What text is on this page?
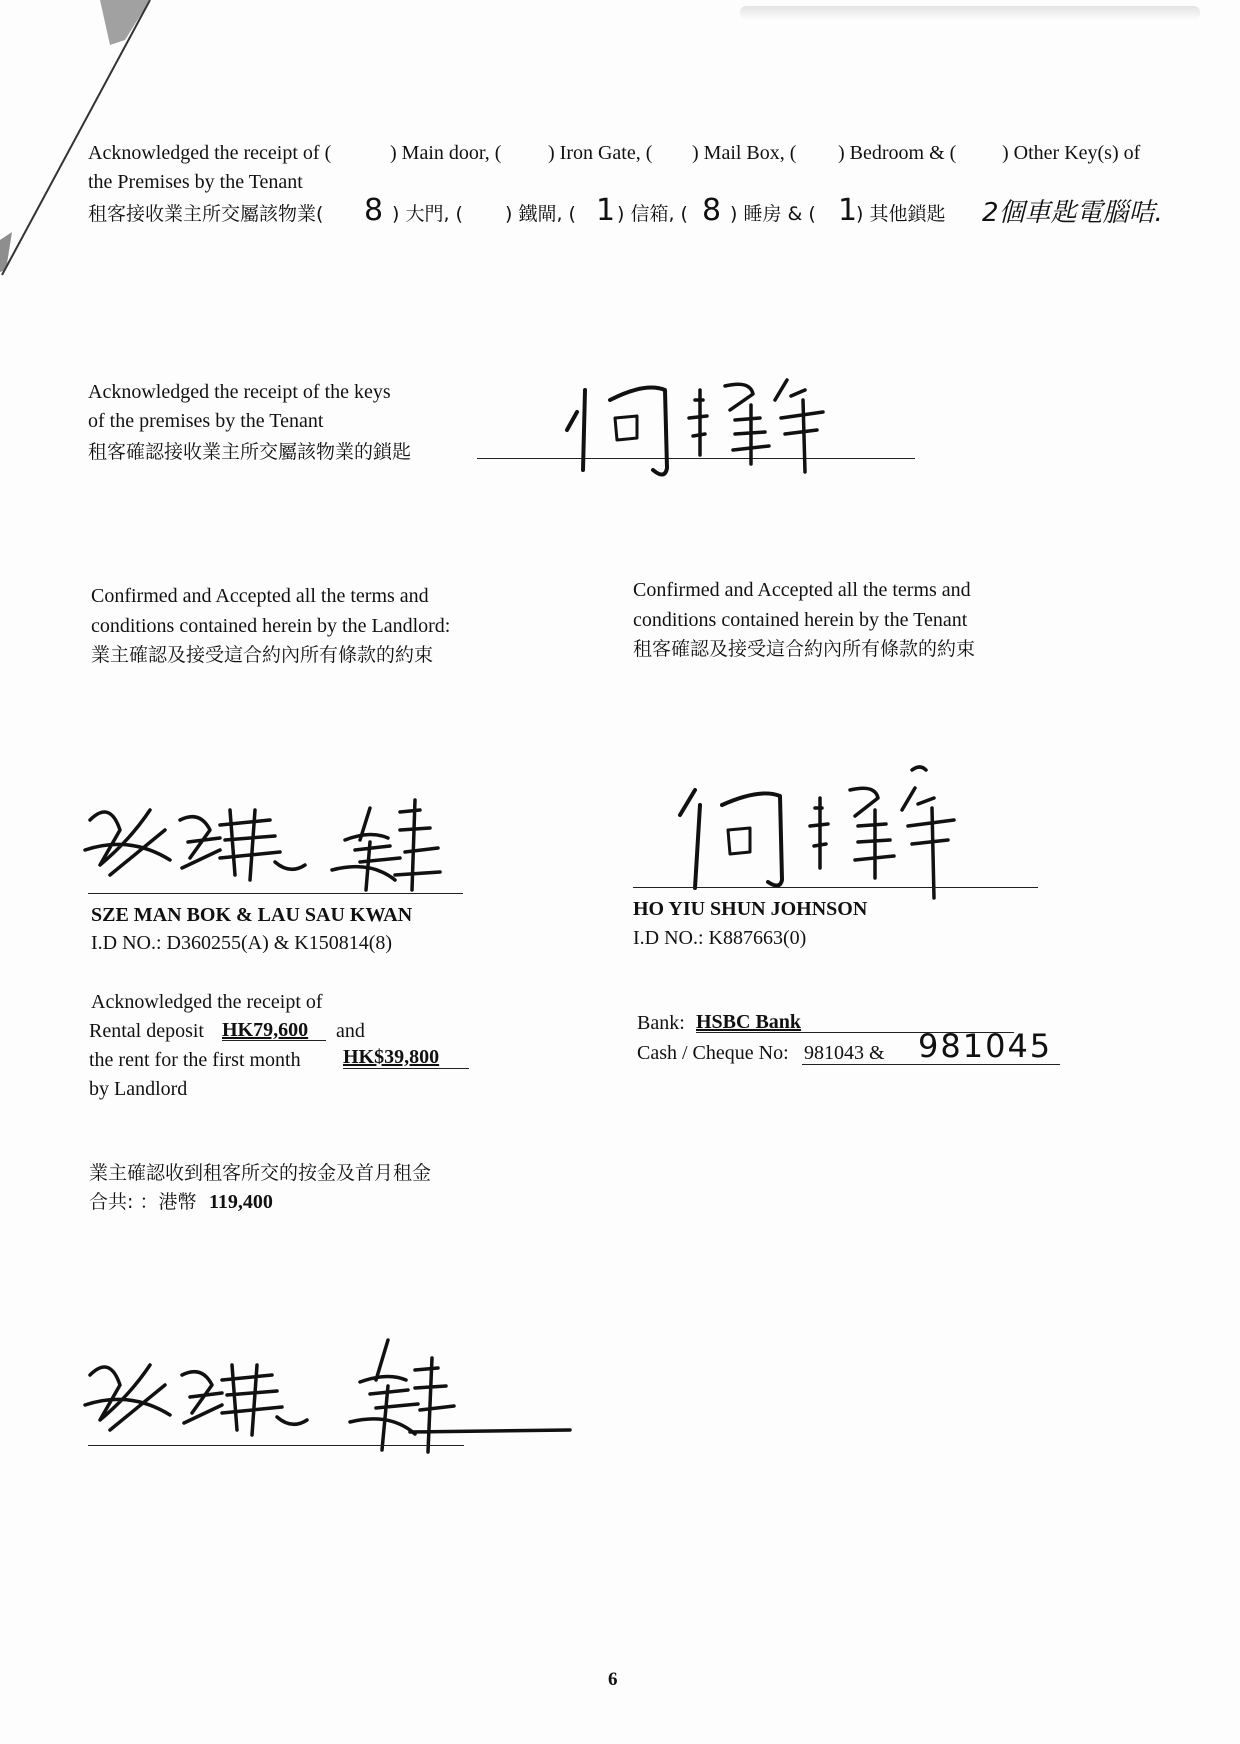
Acknowledged the receipt of (	) Main door, ( ) Iron Gate, ( ) Mail Box, ( ) Bedroom & ( ) Other Key(s) of
the Premises by the Tenant
租客接收業主所交屬該物業( 8 ) 大門, ( ) 鐵閘, ( 1 ) 信箱, ( 8 ) 睡房 & ( 1
) 其他鎖匙 2個車匙電腦咭.
Acknowledged the receipt of the keys
of the premises by the Tenant
租客確認接收業主所交屬該物業的鎖匙
Confirmed and Accepted all the terms and
conditions contained herein by the Landlord:
業主確認及接受這合約內所有條款的約束
Confirmed and Accepted all the terms and
conditions contained herein by the Tenant
租客確認及接受這合約內所有條款的約束
SZE MAN BOK & LAU SAU KWAN
I.D NO.: D360255(A) & K150814(8)
HO YIU SHUN JOHNSON
I.D NO.: K887663(0)
Acknowledged the receipt of
Rental deposit HK79,600 and
the rent for the first month HK$39,800
by Landlord
業主確認收到租客所交的按金及首月租金
合共: ：港幣 119,400
Bank: HSBC Bank
Cash / Cheque No: 981043 & 981045
6
